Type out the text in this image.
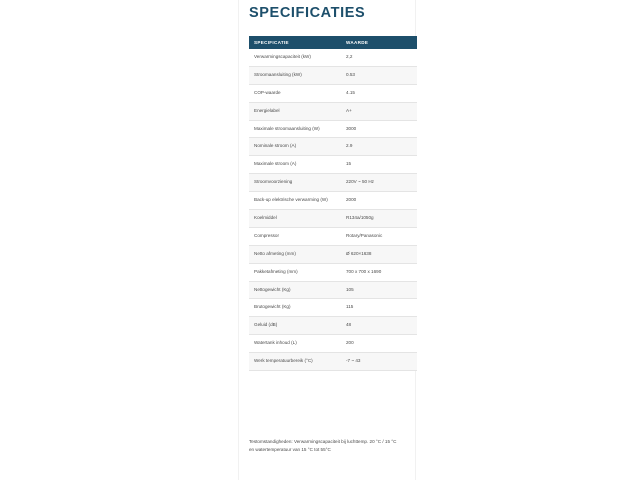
SPECIFICATIES
SPECIFICATIE	WAARDE
Verwarmingscapaciteit (kW)	2,2
Stroomaansluiting (kW)	0.53
COP-waarde	4.15
Energielabel	A+
Maximale stroomaansluiting (W)	3000
Nominale stroom (A)	2.9
Maximale stroom (A)	15
Stroomvoorziening	220V ~ 50 Hz
Back-up elektrische verwarming (W)	2000
Koelmiddel	R134a/1050g
Compressor	Rotary/Panasonic
Netto afmeting (mm)	Ø 620×1638
Pakketafmeting (mm)	700 x 700 x 1690
Nettogewicht (Kg)	105
Brutogewicht (Kg)	115
Geluid (dB)	48
Watertank inhoud (L)	200
Werk temperatuurbereik (°C)	-7 ~ 43
Testomstandigheden: Verwarmingscapaciteit bij luchttemp. 20 °C / 15 °C en watertemperatuur van 15 °C tot 55°C
